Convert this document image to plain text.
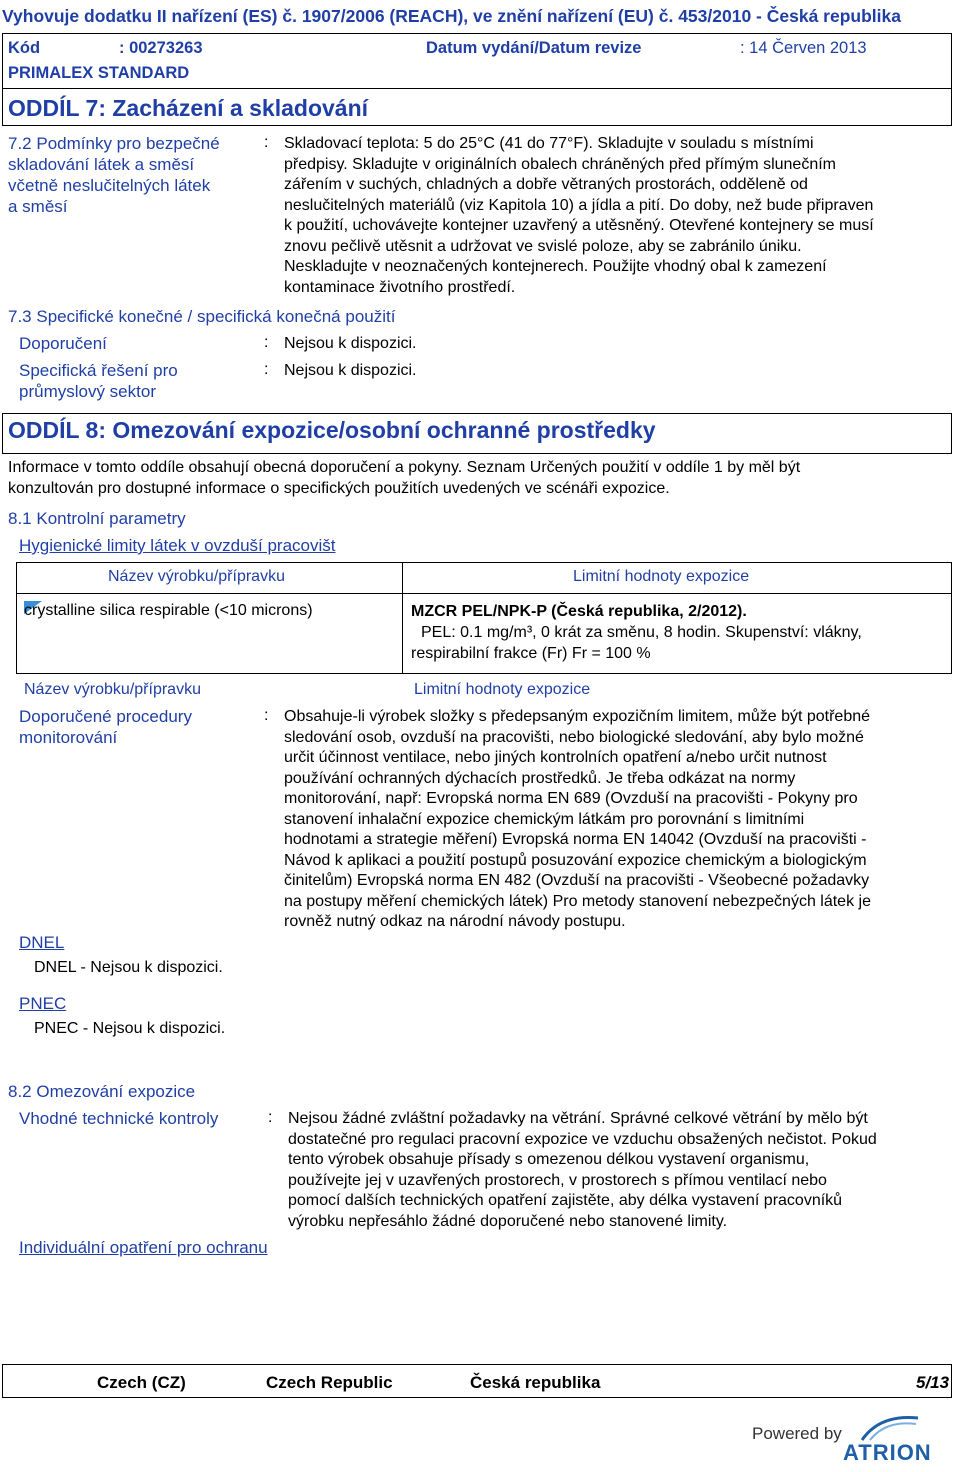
Vyhovuje dodatku II nařízení (ES) č. 1907/2006 (REACH), ve znění nařízení (EU) č. 453/2010 - Česká republika
Kód	: 00273263
PRIMALEX STANDARD
Datum vydání/Datum revize	: 14 Červen 2013
ODDÍL 7: Zacházení a skladování
7.2 Podmínky pro bezpečné
skladování látek a směsí
včetně neslučitelných látek
a směsí
: Skladovací teplota: 5 do 25°C (41 do 77°F). Skladujte v souladu s místními
předpisy. Skladujte v originálních obalech chráněných před přímým slunečním
zářením v suchých, chladných a dobře větraných prostorách, odděleně od
neslučitelných materiálů (viz Kapitola 10) a jídla a pití. Do doby, než bude připraven
k použití, uchovávejte kontejner uzavřený a utěsněný. Otevřené kontejnery se musí
znovu pečlivě utěsnit a udržovat ve svislé poloze, aby se zabránilo úniku.
Neskladujte v neoznačených kontejnerech. Použijte vhodný obal k zamezení
kontaminace životního prostředí.
7.3 Specifické konečné / specifická konečná použití
Doporučení	: Nejsou k dispozici.
Specifická řešení pro
průmyslový sektor
: Nejsou k dispozici.
ODDÍL 8: Omezování expozice/osobní ochranné prostředky
Informace v tomto oddíle obsahují obecná doporučení a pokyny. Seznam Určených použití v oddíle 1 by měl být
konzultován pro dostupné informace o specifických použitích uvedených ve scénáři expozice.
8.1 Kontrolní parametry
Hygienické limity látek v ovzduší pracovišt
Název výrobku/přípravku	Limitní hodnoty expozice
crystalline silica respirable (<10 microns)	MZCR PEL/NPK-P (Česká republika, 2/2012).
PEL: 0.1 mg/m³, 0 krát za směnu, 8 hodin. Skupenství: vlákny,
respirabilní frakce (Fr) Fr = 100 %
Název výrobku/přípravku	Limitní hodnoty expozice
Doporučené procedury
monitorování
: Obsahuje-li výrobek složky s předepsaným expozičním limitem, může být potřebné
sledování osob, ovzduší na pracovišti, nebo biologické sledování, aby bylo možné
určit účinnost ventilace, nebo jiných kontrolních opatření a/nebo určit nutnost
používání ochranných dýchacích prostředků. Je třeba odkázat na normy
monitorování, např: Evropská norma EN 689 (Ovzduší na pracovišti - Pokyny pro
stanovení inhalační expozice chemickým látkám pro porovnání s limitními
hodnotami a strategie měření) Evropská norma EN 14042 (Ovzduší na pracovišti -
Návod k aplikaci a použití postupů posuzování expozice chemickým a biologickým
činitelům) Evropská norma EN 482 (Ovzduší na pracovišti - Všeobecné požadavky
na postupy měření chemických látek) Pro metody stanovení nebezpečných látek je
rovněž nutný odkaz na národní návody postupu.
DNEL
DNEL - Nejsou k dispozici.
PNEC
PNEC - Nejsou k dispozici.
8.2 Omezování expozice
Vhodné technické kontroly	: Nejsou žádné zvláštní požadavky na větrání. Správné celkové větrání by mělo být
dostatečné pro regulaci pracovní expozice ve vzduchu obsažených nečistot. Pokud
tento výrobek obsahuje přísady s omezenou délkou vystavení organismu,
používejte jej v uzavřených prostorech, v prostorech s přímou ventilací nebo
pomocí dalších technických opatření zajistěte, aby délka vystavení pracovníků
výrobku nepřesáhlo žádné doporučené nebo stanovené limity.
Individuální opatření pro ochranu
Czech (CZ)	Czech Republic	Česká republika	5/13
Powered by
ATRION
